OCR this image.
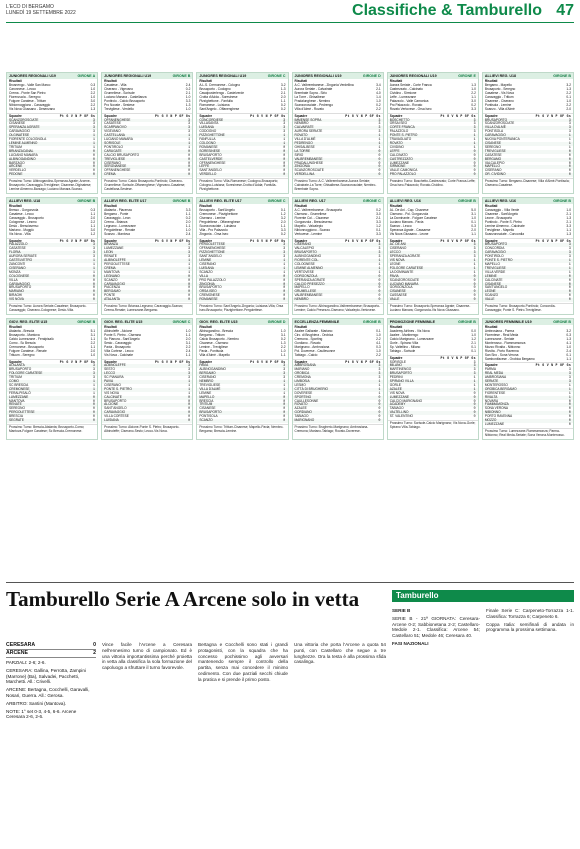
L'ECO DI BERGAMO
LUNEDÌ 19 SETTEMBRE 2022	Classifiche & Tamburello 47
JUNIORES REGIONALI U19	GIRONE A
Risultati
Brusnengo - Valle San Marco	0-3
Caronnese - Lecco	1-0
Crema - Ponte San Pietro	2-2
Fiorenzuola - Seregno	1-0
Folgore Caratese - Tritium	3-0
Nibionnoggiono - Caravaggio	2-2
Vis Nova Giussano - Desenzano	1-3
Squadre	Pt G V N P GF Gs
SCANZOROSCIATE	3
CISANESE	3
SPERANZA AGRATE	3
CARAVAGGIO	3
OLGINATESE	1
FIORENTE COLOGNOLA	1
LEMINE ALMENNO	1
TRITIUM	1
BRIANZACANAL	0
LUCIANO MANARA	0
ALBINOGANDINO	0
BARZAGO	0
ARCENE	0
VERDELLO	0
PEDONE	0
Prossimo Turno: Albinogandino-Speranza Agrate; Arcene-Brusaporto; Caravaggio-Trevigliese; Cisanese-Olginatese; Lemine Almenno-Barzago; Luciano Manara-Scanzo.
JUNIORES REGIONALI U19	GIRONE B
Risultati
Casatese - Villa	2-4
Ciserano - Vigevano	0-2
Grumellese - Sorisole	2-1
Luciano Manara - Castellanza	1-0
Pontirolo - Calcio Brusaporto	3-3
Pro Novate - Sestese	1-3
Trevigliese - Verdello	1-0
Squadre	Pt G V N P GF Gs
OFFANENGHESE	3
CASATESE	3
SCARPANOVO	3
VIGEVANO	3
CASTELLANA	1
LUCIANO MANARA	1
SORISOLE	1
PONTIROLO	1
CARUGATE	0
CALCIO BRUSAPORTO	0
TREVIGLIESE	0
CISERANO	0
SERGNANESE	0
OFFANENGHESE	0
CREMA	0
Prossimo Turno: Calcio Brusaporto-Pontirolo; Ciserano-Grumellese; Sorisole-Offanenghese; Vigevano-Casatese; Castellana-Sestese.
JUNIORES REGIONALI U19	GIRONE C
Risultati
A.L.S. Cremonese - Cologno	3-2
Brusaporto - Codogno	1-3
Casalpusterlengo - Castelverde	2-1
Crotta d'Adda - Soresinese	2-0
Pizzighettone - Fanfulla	1-1
Romanese - Luisiana	0-2
Sant'Angelo - Offanenghese	0-2
Squadre	Pt G V N P GF Gs
CONCORDIESE	3
VILLASANTA	3
LUISIANA	3
CODOGNO	3
PIZZIGHETTONE	1
FANFULLA	1
COLOGNO	1
ROMANESE	0
SORESINESE	0
BRUSAPORTO	0
CASTELVERDE	0
OFFANENGHESE	0
LEFFE	0
SANT'ANGELO	0
VERDELLO	0
Prossimo Turno: Villa-Romanese; Codogno-Brusaporto; Cologno-Luisiana; Soresinese-Crotta d'Adda; Fanfulla-Pizzighettone.
JUNIORES REGIONALI U19	GIRONE D
Risultati
A.C. Valbrembanese - Zingonia Verdellina	3-4
Aurora Seriate - Calvairate	2-1
Brembate Sopra - Sirio	4-0
La Torre - Ghisalbese	1-4
Pradalunghese - Nembro	1-0
Scanzorosciate - Pedrengo	0-2
Villa d'Almè - Rovato	2-2
Squadre	Pt G V N P GF Gs
IMMENSE SOPRA	3
NEMBRO	3
CALVAIRATE	3
AURORA SERIATE	3
ROVATO	1
VILLA D'ALMÈ	1
PEDRENGO	1
GHISALBESE	1
LA TORRE	0
SIRIO	0
VALBREMBANESE	0
PRADALUNGHESE	0
ZINGONIA	0
SCANZOROSCIATE	0
VERDELLINA	0
Prossimo Turno: A.C. Valbrembanese-Aurora Seriate; Calvairate-La Torre; Ghisalbese-Scanzorosciate; Nembro-Brembate Sopra.
JUNIORES REGIONALI U19	GIRONE E
Risultati
Aurora Seriate - Corte Franca	1-3
Castrezzato - Calcinato	1-0
Cividino - Sirmione	2-2
Leffe - Lumezzane	1-1
Palazzolo - Valle Camonica	3-0
Pro Palazzolo - Rovato	0-2
Rovato Vertovese - Orsa Iseo	3-3
Squadre	Pt G V N P GF Gs
BOSCHETTO	3
ORSA ISEO	3
CORTE FRANCA	3
PALAZZOLO	3
PONTE S. PIETRO	1
TRAVAGLIATO	1
ROVATO	1
CIVIDINO	1
LEFFE	0
CALCINATO	0
CASTREZZATO	0
LUMEZZANE	0
SIRMIONE	0
VALLE CAMONICA	0
PRO PALAZZOLO	0
Prossimo Turno: Boschetto-Castrezzato; Corte Franca-Leffe; Orsa Iseo-Palazzolo; Rovato-Cividino.
ALLIEVI REG. U18	GIRONE B
Risultati
Bergamo - Mapello	3-2
Brusaporto - Seregno	1-3
Casatese - Vis Nova	2-2
Caravaggio - Tritium	0-1
Cisanese - Ciserano	1-0
Pontisola - Lemine	2-2
Scanzo - Villa d'Almè	2-0
Squadre	Pt G V N P GF Gs
BRUSAPORTO	3
SCANZOROSCIATE	3
VILLA D'ALMÈ	3
PONTISOLA	3
CARAVAGGIO	1
NUOVA PONTERANICA	1
CISANESE	1
SEREGNO	1
TREVIGLIESE	0
CASATESE	0
BERGAMO	0
VALCALEPIO	0
MAPELLO	0
CISERANO	0
OR. CIVIDINO	0
Prossimo Turno: Bergamo-Cisanese; Villa d'Almè-Pontisola; Ciserano-Casatese.
ALLIEVI REG. U18	GIRONE B
Risultati
Bresso - Gorgonzola	0-3
Casatese - Lecco	1-1
Caravaggio - Brusaporto	2-0
Colognese - Lesmo	2-2
Desio - Bresciaverso	1-1
Mariano - Muggiò	3-0
Vis Nova - Villa	1-2
Squadre	Pt G V N P GF Gs
PALAZZOLO	3
CASATESE	3
FLORIA	3
AURORA SERIATE	3
CASTELVETRO	1
ZANCONTI	1
CISERANO	1
MONZA	1
COLOGNESE	0
VILLA	0
CARAVAGGIO	0
BRUSAPORTO	0
MARIANO	0
BIRAGHI	0
VIS NOVA	0
Prossimo Turno: Aurora Seriate-Casatese; Brusaporto-Caravaggio; Ciserano-Colognese; Desio-Villa.
ALLIEVI REG. ELITE U17	GIRONE B
Risultati
Atalanta - Piacenza	3-3
Bergamo - Ponte	1-1
Caravaggio - Leon	0-2
Crema - Brianza	2-0
Legnano - Lumezzane	1-1
Pergolettese - Renate	1-0
Scanzo - Mantova	2-4
Squadre	Pt G V N P GF Gs
BRIANZA	3
LUMEZZANE	3
LEON	3
RENATE	3
ALBINOLEFFE	1
PERGOLETTESE	1
CREMA	1
MANTOVA	1
LEGNANO	0
SCANZO	0
CARAVAGGIO	0
PIACENZA	0
BERGAMO	0
PONTE	0
ATALANTA	0
Prossimo Turno: Brianza-Legnano; Caravaggio-Scanzo; Crema-Renate; Lumezzane-Bergamo.
ALLIEVI REG. ELITE U17	GIRONE C
Risultati
Brusaporto - Sant'Angelo	0-1
Cremonese - Pizzighettone	1-2
Ciserano - Lemine	3-2
Pergolettese - Offanenghese	2-0
Scanzorosciate - Luisiana	1-1
Villa - Pro Palazzolo	3-3
Zingonia - Orsa Iseo	0-2
Squadre	Pt G V N P GF Gs
PERGOLETTESE	3
OFFANENGHESE	3
PIZZIGHETTONE	3
SANT'ANGELO	3
LEMINE	1
CISERANO	1
LUISIANA	1
SCANZO	1
VILLA	0
PRO PALAZZOLO	0
ZINGONIA	0
BRUSAPORTO	0
ORSA ISEO	0
CREMONESE	0
ROMANESE	0
Prossimo Turno: Sant'Angelo-Zingonia; Luisiana-Villa; Orsa Iseo-Brusaporto; Pizzighettone-Pergolettese.
ALLIEVI REG. U17	GIRONE C
Risultati
A.C. Valbrembanese - Brusaporto	0-2
Ciserano - Grumellese	3-0
Fiorente Col. - Cisanese	2-1
Gorgonzola - Bresciaverso	3-3
Mapello - Valcalepio	1-2
Nibionnoggiono - Scanzo	0-1
Vertovese - Lemine	3-3
Squadre	Pt G V N P GF Gs
CISERANO	3
VALCALEPIO	3
BRUSAPORTO	3
ALBINOGANDINO	3
FIORENTE COL.	1
COLOGNESE	1
LEMINE ALMENNO	1
VERTOVESE	1
GORGONZOLA	0
SPERANZA AGRATE	0
CALCIO PRESEZZO	0
MAPELLO	0
GRUMELLESE	0
VALBREMBANESE	0
NEMBRO	0
Prossimo Turno: Albinogandino-Valbrembanese; Brusaporto-Lemine; Calcio Presezzo-Ciserano; Valcalepio-Vertovese.
ALLIEVI REG. U16	GIRONE B
Risultati
AL. De Ani - Cap. Cisanese	5-0
Ciserano - Pol. Gorgonzola	3-1
La Dominante - Folgore Caratese	1-0
Luciano Manara - Pavia	0-1
Scanzo - Lecco	0-3
Speranza Agrate - Cassaese	2-0
Vis Nova Giussano - Leone	1-1
Squadre	Pt G V N P GF Gs
AL. DE ANI	3
CISERANO	3
LECCO	3
SPERANZA AGRATE	3
VIS NOVA	1
LEONE	1
FOLGORE CARATESE	1
LA DOMINANTE	1
PAVIA	0
SCANZOROSCIATE	0
LUCIANO MANARA	0
GORGONZOLA	0
CISANESE	0
CASSAESE	0
VALLE	0
Prossimo Turno: Brusaporto-Speranza Agrate; Cisanese-Luciano Manara; Gorgonzola-Vis Nova Giussano.
ALLIEVI REG. U16	GIRONE B
Risultati
Caravaggio - Villa Verde	1-0
Cisanese - Sant'Angelo	2-1
Leone - Brusaporto	1-3
Pontirolo - Ponte S. Pietro	2-1
Lemine Almenno - Calcinate	3-3
Trevigliese - Mapello	1-1
Scanzorosciate - Concordia	1-3
Squadre	Pt G V N P GF Gs
BRUSAPORTO	3
CONCORDIA	3
CARAVAGGIO	3
PONTIROLO	3
PONTE S. PIETRO	1
MAPELLO	1
TREVIGLIESE	1
VILLA VERDE	1
LEMINE	0
CALCINATE	0
CISANESE	0
SANT'ANGELO	0
LEONE	0
SCANZO	0
VALLE	0
Prossimo Turno: Brusaporto-Pontirolo; Concordia-Caravaggio; Ponte S. Pietro-Trevigliese.
GIOV. REG. ELITE U15	GIRONE B
Risultati
Atalanta - Brescia	5-1
Brusaporto - Mantova	3-1
Calcio Lumezzane - Feralpisalò	1-1
Como - Sc Brescia	2-2
Cremonese - Brusaporto	1-1
Folgore Caratese - Renate	2-0
Trituum - Seregno	1-0
Squadre	Pt G V N P GF Gs
ATALANTA	3
BRUSAPORTO	3
FOLGORE CARATESE	3
TRITIUM	3
COMO	1
SC BRESCIA	1
CREMONESE	1
FERALPISALÒ	1
LUMEZZANE	0
MANTOVA	0
RENATE	0
SEREGNO	0
PERGOLETTESE	0
BRESCIA	0
SEGRATE	0
Prossimo Turno: Brescia-Atalanta; Brusaporto-Como; Mantova-Folgore Caratese; Sc Brescia-Cremonese.
GIOV. REG. ELITE U15	GIRONE C
Risultati
Albinoleffe - Alcione	1-0
Ponte S. Pietro - Ciserano	1-1
Sc Pianura - Sant'Angelo	2-0
Sesto - Caravaggio	3-1
Pavia - Brusaporto	2-2
Villa Cortese - Lecco	2-4
Vis Nova - Calcinate	1-1
Squadre	Pt G V N P GF Gs
ALBINOLEFFE	3
SESTO	3
LECCO	3
SC PIANURA	3
PAVIA	1
CISERANO	1
PONTE S. PIETRO	1
VIS NOVA	1
CALCINATE	0
BRUSAPORTO	0
ALCIONE	0
SANT'ANGELO	0
CARAVAGGIO	0
VILLA CORTESE	0
LUISIANA	0
Prossimo Turno: Alcione-Ponte S. Pietro; Brusaporto-Albinoleffe; Ciserano-Sesto; Lecco-Vis Nova.
GIOV. REG. ELITE U15	GIRONE D
Risultati
Albinogandino - Brescia	1-0
Bergamo - Tritium	3-1
Calcio Brusaporto - Nembro	0-2
Cisanese - Ciserano	1-3
Lemine - Trevigliese	2-2
Pavia - Pontisola	1-0
Villa d'Almè - Mapello	1-1
Squadre	Pt G V N P GF Gs
PAVIA	3
ALBINOGANDINO	3
BERGAMO	3
CISERANO	3
NEMBRO	1
TREVIGLIESE	1
VILLA D'ALMÈ	1
LEMINE	1
MAPELLO	0
BRESCIA	0
TRITIUM	0
CISANESE	0
BRUSAPORTO	0
PONTISOLA	0
SCANZO	0
Prossimo Turno: Tritium-Cisanese; Mapello-Pavia; Nembro-Bergamo; Brescia-Lemine.
ECCELLENZA FEMMINILE	GIRONE B
Risultati
Azalee Gallarate - Mariano	0-1
Circ. di Brughiera - Orobica	1-0
Cremona - Sporting	2-2
Gordiano - Rovato	4-1
Marignano - Ambrosiana	0-3
Pol. Doverese - Caullesonne	1-0
Tabiago - Calcio	2-2
Squadre	Pt G V N P GF Gs
AMBROSIANA	3
MARIANO	3
OROBICA	3
CREMONA	3
LIMBOSIA	1
LESMO	1
CITTÀ DI BRUGHERIO	1
DOVERESE	1
SPORTING	0
CAULLESONNE	0
ROVATO	0
AZALEE	0
GORDIANO	0
TABIAGO	0
MARIGNANO	0
Prossimo Turno: Brugherio-Marignano; Ambrosiana-Cremona; Mariano-Tabiago; Rovato-Doverese.
PROMOZIONE FEMMINILE	GIRONE B
Risultati
Academy Airlines - Vis Nova	0-0
Azalee - Martinengo	1-0
Calcio Marignano - Lumezzane	1-2
Gorle - Spirano Villa	2-1
Sp. Valtellino - Milano	0-1
Tabiago - Sorisole	0-1
Squadre	Pt G V N P GF Gs
SORISOLE	3
MILANO	3
MARTINENGO	3
BRUSAPORTO	3
PEDRINI	1
SPIRANO VILLA	1
GORLE	1
AZALEE	1
VIS NOVA	0
LUMEZZANE	0
CALCIO MARIGNANO	0
ACADEMY	0
TABIAGO	0
VALTELLINO	0
ST. VALENTINO	0
Prossimo Turno: Sorisole-Calcio Marignano; Vis Nova-Gorle; Spirano Villa-Tabiago.
JUNIORES FEMMINILE U19	GIRONE B
Risultati
Ambrosiana - Parma	3-2
Fiorentese - Real Meda	0-3
Lumezzane - Seriate	1-3
Monterosso - Fiammamonza	4-1
Mozzo Rivalta - Nibionno	1-0
Rivolta - Porto Ravenna	2-4
San Siro - Sona Verona	0-1
Sambonifacese - Orobica Bergamo	1-1
Squadre	Pt G V N P GF Gs
PARMA	3
REAL MEDA	3
AMBROSIANA	3
SERIATE	3
MONTEROSSO	1
OROBICA BERGAMO	1
FIORENTESE	1
RIVALTA	1
NOVARA	0
FIAMMAMONZA	0
SONA VERONA	0
NIBIONNO	0
PORTO RAVENNA	0
MOZZO	0
LUMEZZANE	0
Prossimo Turno: Lumezzane-Fiammamonza; Parma-Nibionno; Real Meda-Seriate; Sona Verona-Monterosso.
Tamburello Serie A Arcene solo in vetta	Tamburello
CERESARA	0
ARCENE	2
PARZIALI: 2-6; 2-6.

CERESARA: Gallina, Perrotta, Zampini (Marrone) (Ba), Salvadei, Pacchetti, Marchetti. All.: Crivelli.

ARCENE: Bertagna, Cocchelli, Garavalli, Nosari, Guerra. All.: Gerosa.

ARBITRO: Santini (Mantova).

NOTE: 1° set 0-3, 4-5, 6-6. Arcene Ceresara 2-6, 2-6.

Vince facile l'Arcene a Ceresara nell'ennesimo turno di campionato. Ed è una vittoria importantissima perché proietta in vetta alla classifica la sola formazione del capoluogo a sfruttare il turno favorevole.

Bertagna e Cocchelli sono stati i grandi protagonisti, con la squadra che ha concesso pochissimo agli avversari mantenendo sempre il controllo della partita, senza mai concedere il minimo cedimento. Con due parziali secchi chiude la pratica e si prende il primo posto.

Una vittoria che porta l'Arcene a quota 54 punti, con Castellaro che segue a tre lunghezze. Ora la testa è alla prossima sfida casalinga.

SERIE B

SERIE B - 21ª GIORNATA: Ceresara-Arcene 0-2; Sabbionetana 2-2; Castellaro-Medole 2-1. Classifica: Arcene 54; Castellaro 51; Medole 46; Ceresara 40.

FASI NAZIONALI

Finale Serie C: Carpeneto-Torrazza 1-1. Classifica: Torrazza 6; Carpeneto 6.

Coppa Italia: semifinali di andata in programma la prossima settimana.
